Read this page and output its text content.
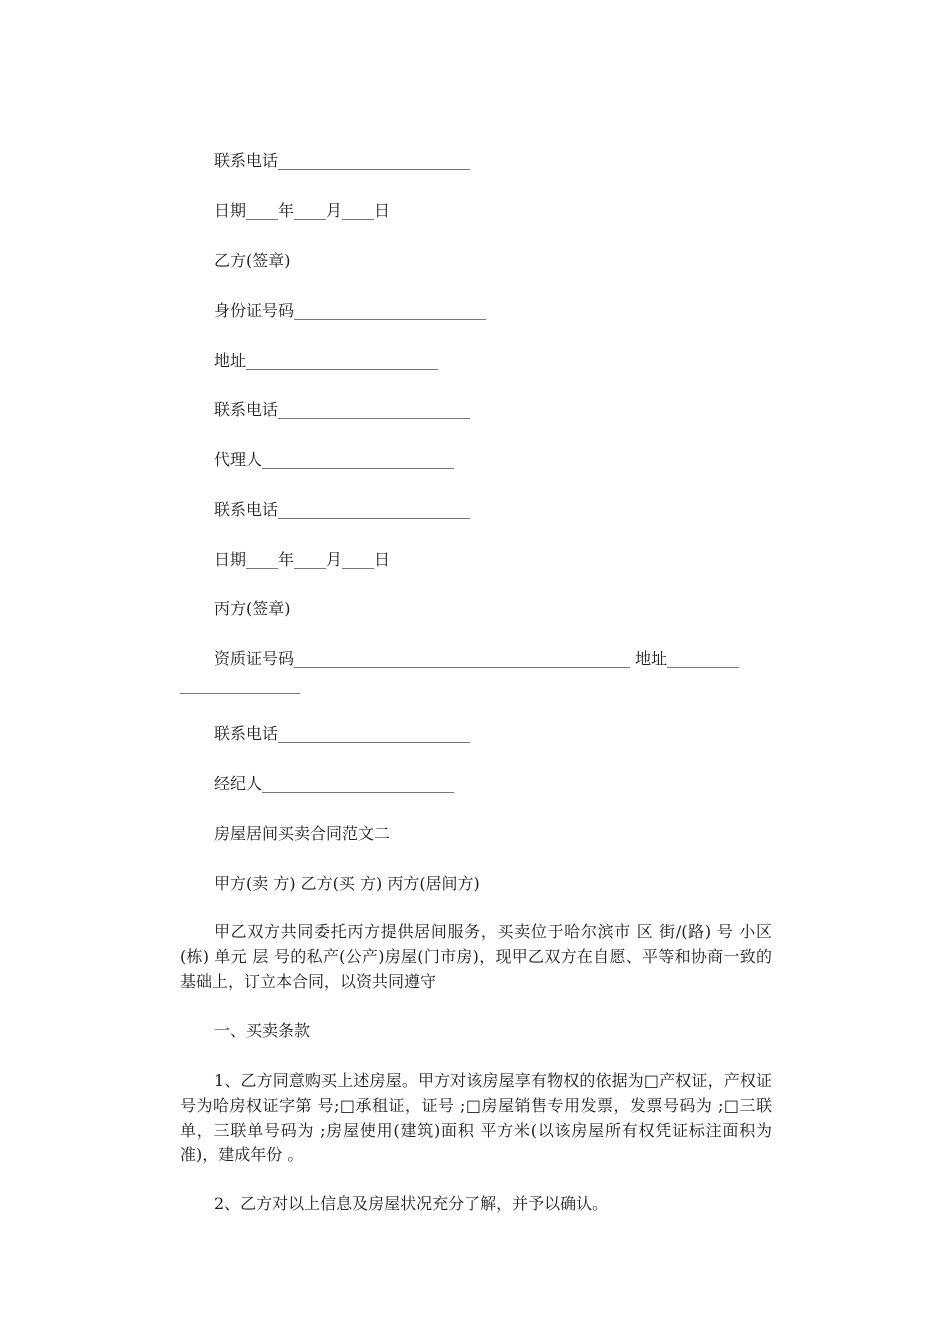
联系电话________________________
日期____年____月____日
乙方(签章)
身份证号码________________________
地址________________________
联系电话________________________
代理人________________________
联系电话________________________
日期____年____月____日
丙方(签章)
资质证号码__________________________________________ 地址_________
_______________
联系电话________________________
经纪人________________________
房屋居间买卖合同范文二
甲方(卖 方) 乙方(买 方) 丙方(居间方)
甲乙双方共同委托丙方提供居间服务，买卖位于哈尔滨市 区 街/(路) 号 小区 (栋) 单元 层 号的私产(公产)房屋(门市房)，现甲乙双方在自愿、平等和协商一致的基础上，订立本合同，以资共同遵守
一、买卖条款
1、乙方同意购买上述房屋。甲方对该房屋享有物权的依据为□产权证，产权证号为哈房权证字第 号;□承租证，证号 ;□房屋销售专用发票，发票号码为 ;□三联单，三联单号码为 ;房屋使用(建筑)面积 平方米(以该房屋所有权凭证标注面积为准)，建成年份 。
2、乙方对以上信息及房屋状况充分了解，并予以确认。
